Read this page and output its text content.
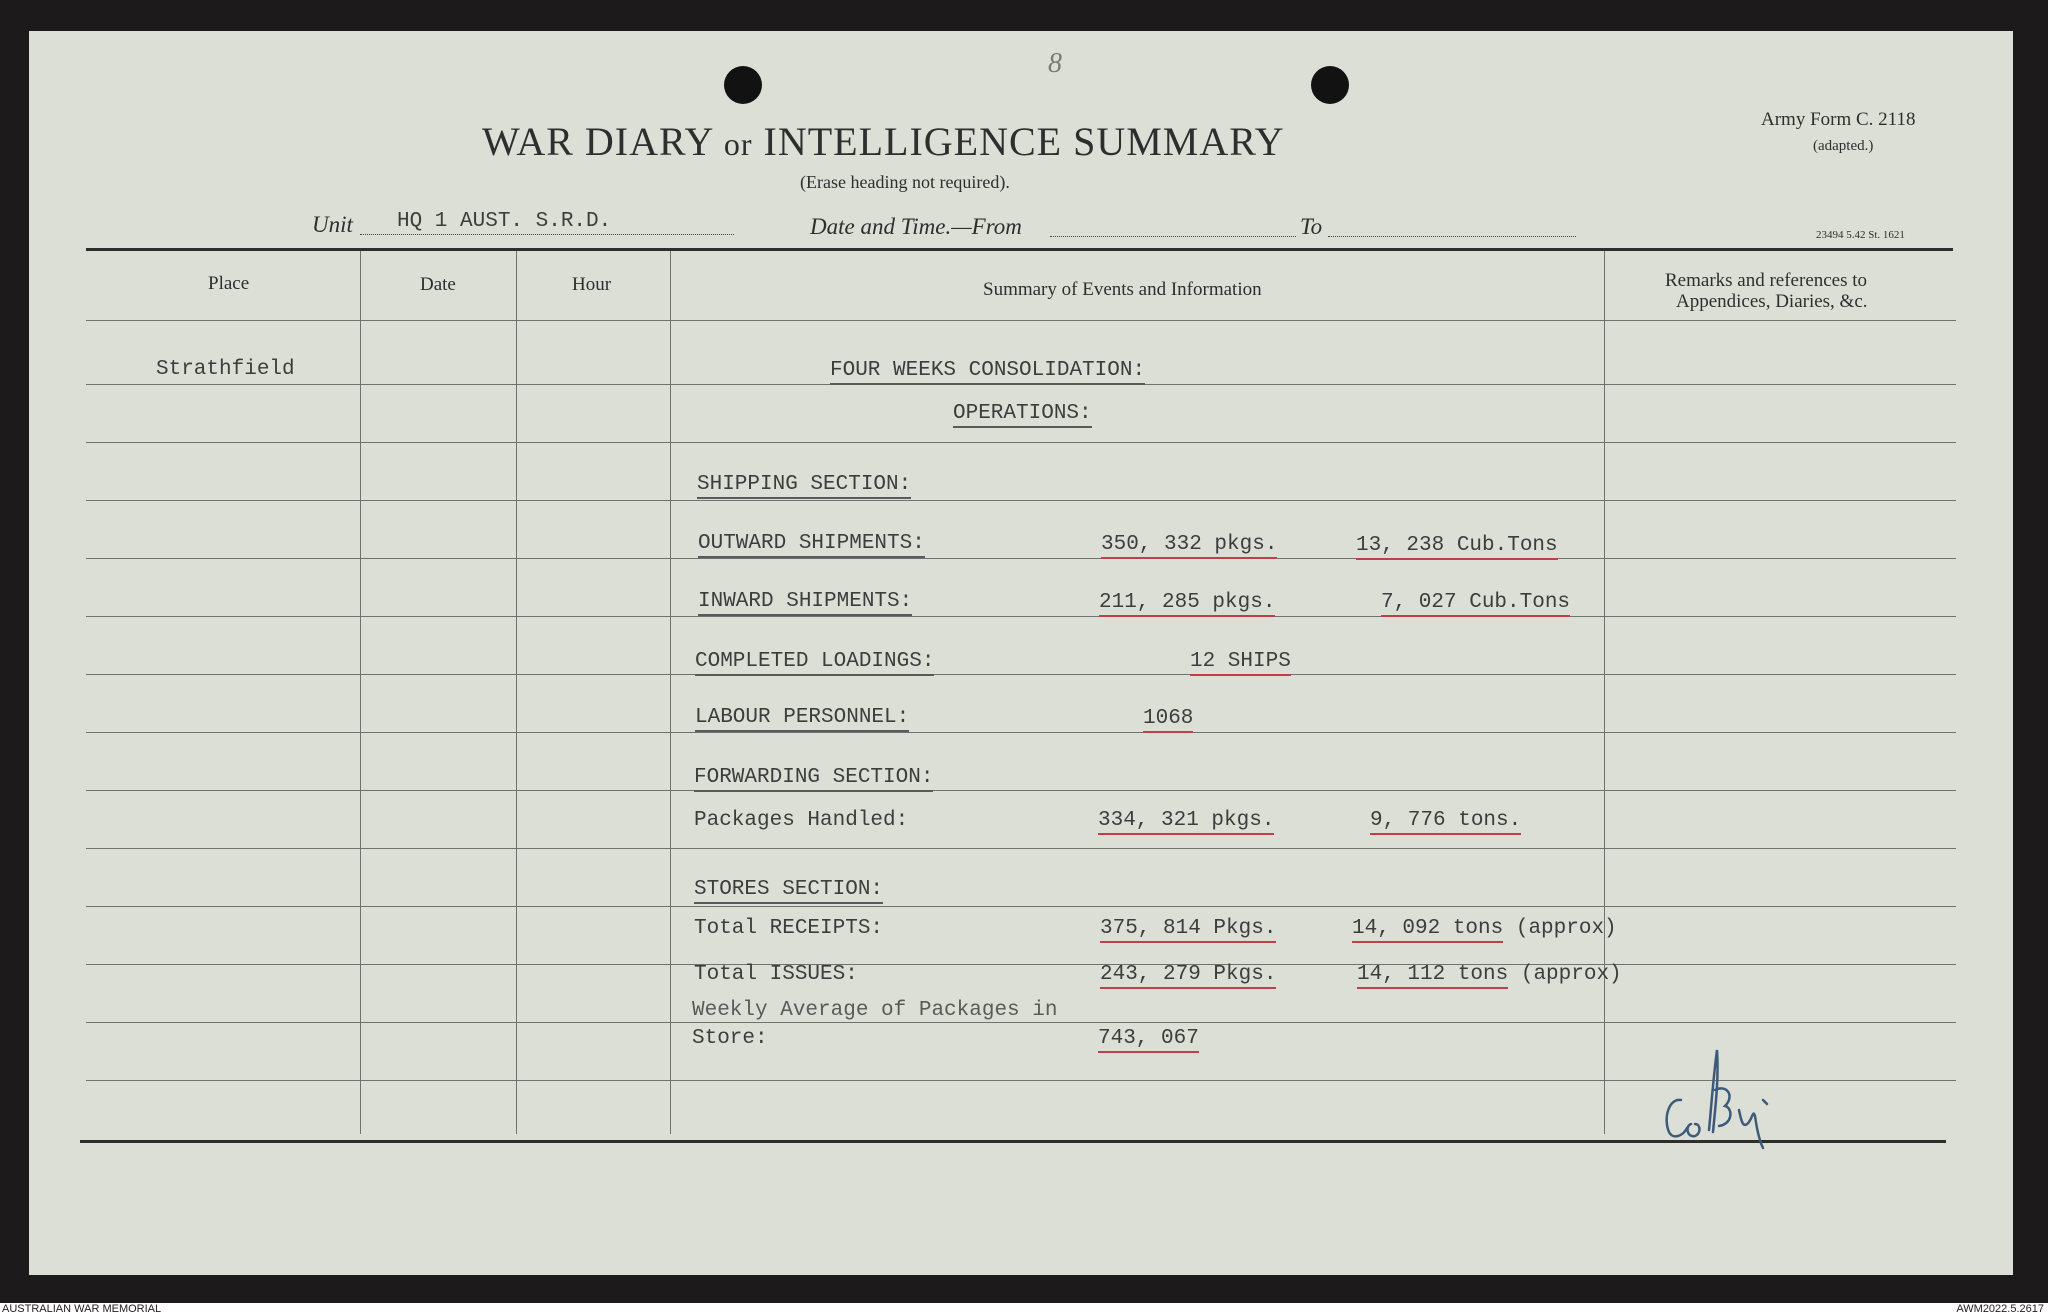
8
WAR DIARY or INTELLIGENCE SUMMARY
(Erase heading not required).
Army Form C. 2118
(adapted.)
23494 5.42 St. 1621
Unit HQ 1 AUST. S.R.D.	Date and Time.—From	To
Place	Date	Hour	Summary of Events and Information	Remarks and references to
Appendices, Diaries, &c.
Strathfield	FOUR WEEKS CONSOLIDATION:
OPERATIONS:
SHIPPING SECTION:
OUTWARD SHIPMENTS:	350, 332 pkgs.	13, 238 Cub.Tons
INWARD SHIPMENTS:	211, 285 pkgs.	7, 027 Cub.Tons
COMPLETED LOADINGS:	12 SHIPS
LABOUR PERSONNEL:	1068
FORWARDING SECTION:
Packages Handled:	334, 321 pkgs.	9, 776 tons.
STORES SECTION:
Total RECEIPTS:	375, 814 Pkgs.	14, 092 tons (approx)
Total ISSUES:	243, 279 Pkgs.	14, 112 tons (approx)
Weekly Average of Packages in
Store:	743, 067
AUSTRALIAN WAR MEMORIAL	AWM2022.5.2617
